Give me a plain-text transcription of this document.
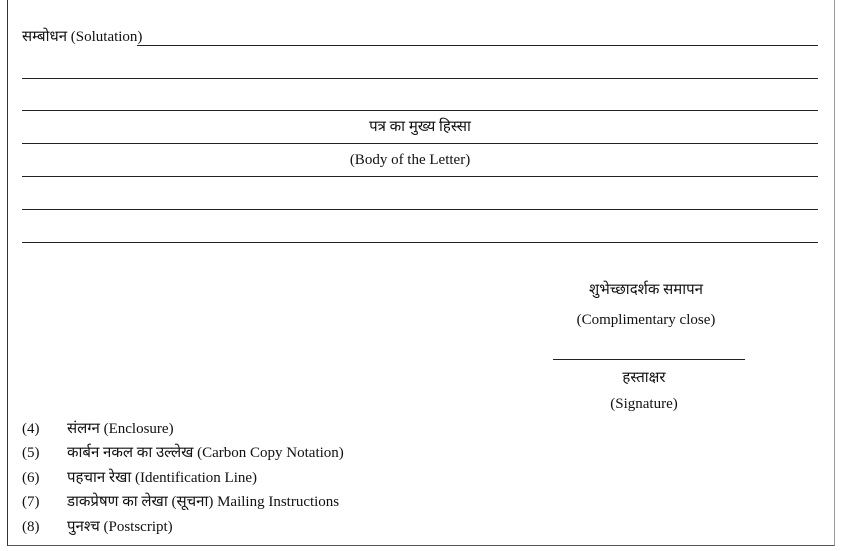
सम्बोधन (Solutation)
पत्र का मुख्य हिस्सा
(Body of the Letter)
शुभेच्छादर्शक समापन
(Complimentary close)
हस्ताक्षर
(Signature)
(4) संलग्न (Enclosure)
(5) कार्बन नकल का उल्लेख (Carbon Copy Notation)
(6) पहचान रेखा (Identification Line)
(7) डाकप्रेषण का लेखा (सूचना) Mailing Instructions
(8) पुनश्च (Postscript)
